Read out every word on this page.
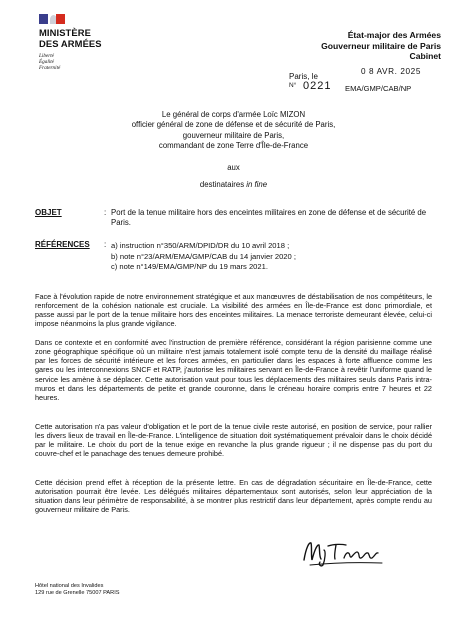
MINISTÈRE
DES ARMÉES
Liberté
Égalité
Fraternité
État-major des Armées
Gouverneur militaire de Paris
Cabinet
Paris, le
0 8 AVR. 2025
N° 0221 EMA/GMP/CAB/NP
Le général de corps d'armée Loïc MIZON
officier général de zone de défense et de sécurité de Paris,
gouverneur militaire de Paris,
commandant de zone Terre d'Île-de-France
aux
destinataires in fine
OBJET	: Port de la tenue militaire hors des enceintes militaires en zone de défense et de sécurité de Paris.
RÉFÉRENCES : a) instruction n°350/ARM/DPID/DR du 10 avril 2018 ;
b) note n°23/ARM/EMA/GMP/CAB du 14 janvier 2020 ;
c) note n°149/EMA/GMP/NP du 19 mars 2021.
Face à l'évolution rapide de notre environnement stratégique et aux manœuvres de déstabilisation de nos compétiteurs, le renforcement de la cohésion nationale est cruciale. La visibilité des armées en Île-de-France est donc primordiale, et passe aussi par le port de la tenue militaire hors des enceintes militaires. La menace terroriste demeurant élevée, celui-ci impose néanmoins la plus grande vigilance.
Dans ce contexte et en conformité avec l'instruction de première référence, considérant la région parisienne comme une zone géographique spécifique où un militaire n'est jamais totalement isolé compte tenu de la densité du maillage réalisé par les forces de sécurité intérieure et les forces armées, en particulier dans les espaces à forte affluence comme les gares ou les interconnexions SNCF et RATP, j'autorise les militaires servant en Île-de-France à revêtir l'uniforme quand le service les amène à se déplacer. Cette autorisation vaut pour tous les déplacements des militaires seuls dans Paris intra-muros et dans les départements de petite et grande couronne, dans le créneau horaire compris entre 7 heures et 22 heures.
Cette autorisation n'a pas valeur d'obligation et le port de la tenue civile reste autorisé, en position de service, pour rallier les divers lieux de travail en Île-de-France. L'intelligence de situation doit systématiquement prévaloir dans le choix décidé par le militaire. Le choix du port de la tenue exige en revanche la plus grande rigueur ; il ne dispense pas du port du couvre-chef et le panachage des tenues demeure prohibé.
Cette décision prend effet à réception de la présente lettre. En cas de dégradation sécuritaire en Île-de-France, cette autorisation pourrait être levée. Les délégués militaires départementaux sont autorisés, selon leur appréciation de la situation dans leur périmètre de responsabilité, à se montrer plus restrictif dans leur département, après compte rendu au gouverneur militaire de Paris.
Hôtel national des Invalides
129 rue de Grenelle 75007 PARIS
